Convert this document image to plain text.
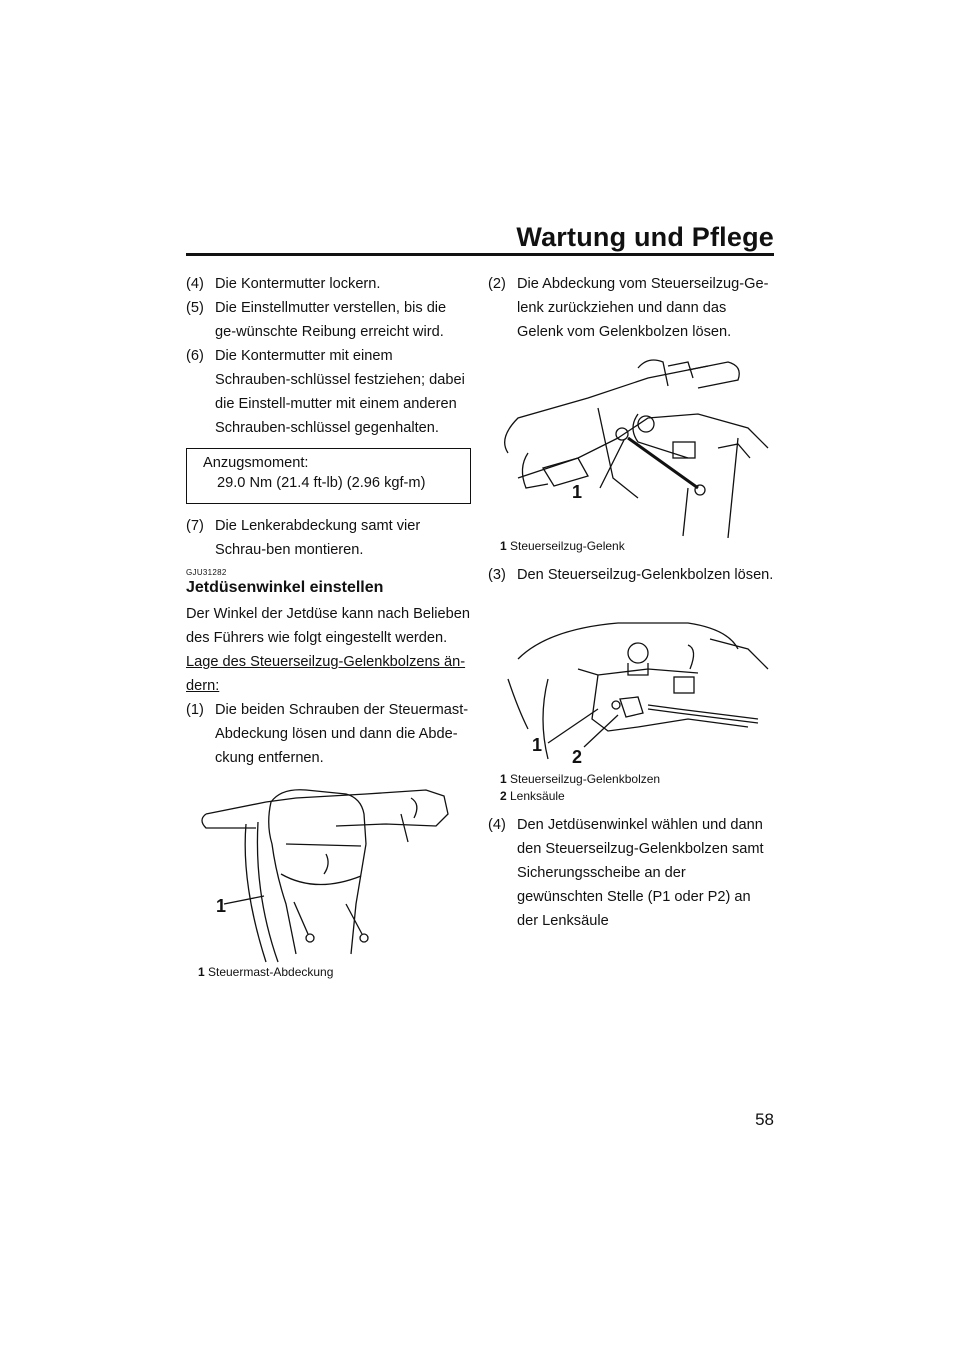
Wartung und Pflege
(4) Die Kontermutter lockern.
(5) Die Einstellmutter verstellen, bis die ge-wünschte Reibung erreicht wird.
(6) Die Kontermutter mit einem Schrauben-schlüssel festziehen; dabei die Einstell-mutter mit einem anderen Schrauben-schlüssel gegenhalten.
Anzugsmoment:
29.0 Nm (21.4 ft-lb) (2.96 kgf-m)
(7) Die Lenkerabdeckung samt vier Schrau-ben montieren.
GJU31282
Jetdüsenwinkel einstellen

Der Winkel der Jetdüse kann nach Belieben des Führers wie folgt eingestellt werden.

Lage des Steuerseilzug-Gelenkbolzens än-dern:

(1) Die beiden Schrauben der Steuermast-Abdeckung lösen und dann die Abde-ckung entfernen.
1
1 Steuermast-Abdeckung
(2) Die Abdeckung vom Steuerseilzug-Ge-lenk zurückziehen und dann das Gelenk vom Gelenkbolzen lösen.
1
1 Steuerseilzug-Gelenk
(3) Den Steuerseilzug-Gelenkbolzen lösen.
1
2
1 Steuerseilzug-Gelenkbolzen
2 Lenksäule
(4) Den Jetdüsenwinkel wählen und dann den Steuerseilzug-Gelenkbolzen samt Sicherungsscheibe an der gewünschten Stelle (P1 oder P2) an der Lenksäule
58
